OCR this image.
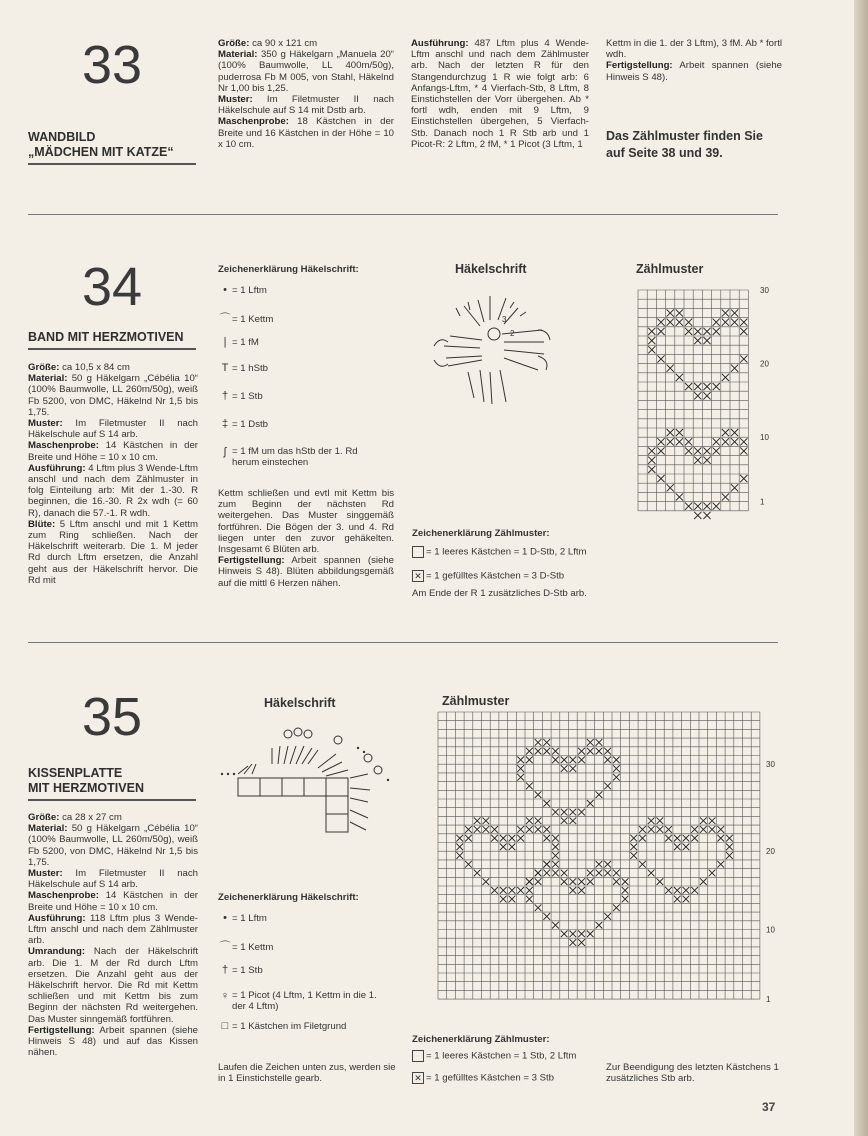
33
WANDBILD
„MÄDCHEN MIT KATZE“

Größe: ca 90 x 121 cm

Material: 350 g Häkelgarn „Manuela 20“ (100% Baumwolle, LL 400m/50g), puderrosa Fb M 005, von Stahl, Häkelnd Nr 1,00 bis 1,25.

Muster: Im Filetmuster II nach Häkelschule auf S 14 mit Dstb arb.

Maschenprobe: 18 Kästchen in der Breite und 16 Kästchen in der Höhe = 10 x 10 cm.

Ausführung: 487 Lftm plus 4 Wende-Lftm anschl und nach dem Zählmuster arb. Nach der letzten R für den Stangendurchzug 1 R wie folgt arb: 6 Anfangs-Lftm, * 4 Vierfach-Stb, 8 Lftm, 8 Einstichstellen der Vorr übergehen. Ab * fortl wdh, enden mit 9 Lftm, 9 Einstichstellen übergehen, 5 Vierfach-Stb. Danach noch 1 R Stb arb und 1 Picot-R: 2 Lftm, 2 fM, * 1 Picot (3 Lftm, 1

Kettm in die 1. der 3 Lftm), 3 fM. Ab * fortl wdh.

Fertigstellung: Arbeit spannen (siehe Hinweis S 48).

Das Zählmuster finden Sie auf Seite 38 und 39.
34
BAND MIT HERZMOTIVEN

Größe: ca 10,5 x 84 cm

Material: 50 g Häkelgarn „Cébélia 10“ (100% Baumwolle, LL 260m/50g), weiß Fb 5200, von DMC, Häkelnd Nr 1,5 bis 1,75.

Muster: Im Filetmuster II nach Häkelschule auf S 14 arb.

Maschenprobe: 14 Kästchen in der Breite und Höhe = 10 x 10 cm.

Ausführung: 4 Lftm plus 3 Wende-Lftm anschl und nach dem Zählmuster in folg Einteilung arb: Mit der 1.-30. R beginnen, die 16.-30. R 2x wdh (= 60 R), danach die 57.-1. R wdh.

Blüte: 5 Lftm anschl und mit 1 Kettm zum Ring schließen. Nach der Häkelschrift weiterarb. Die 1. M jeder Rd durch Lftm ersetzen, die Anzahl geht aus der Häkelschrift hervor. Die Rd mit

Zeichenerklärung Häkelschrift:
• = 1 Lftm
⌒ = 1 Kettm
| = 1 fM
T = 1 hStb
† = 1 Stb
‡ = 1 Dstb
ʃ = 1 fM um das hStb der 1. Rd herum einstechen

Kettm schließen und evtl mit Kettm bis zum Beginn der nächsten Rd weitergehen. Das Muster singgemäß fortführen. Die Bögen der 3. und 4. Rd liegen unter den zuvor gehäkelten. Insgesamt 6 Blüten arb.

Fertigstellung: Arbeit spannen (siehe Hinweis S 48). Blüten abbildungsgemäß auf die mittl 6 Herzen nähen.

Häkelschrift
3
2
Zählmuster
30
20
10
1
Zeichenerklärung Zählmuster:
= 1 leeres Kästchen = 1 D-Stb, 2 Lftm
✕ = 1 gefülltes Kästchen = 3 D-Stb
Am Ende der R 1 zusätzliches D-Stb arb.
35
KISSENPLATTE
MIT HERZMOTIVEN

Größe: ca 28 x 27 cm

Material: 50 g Häkelgarn „Cébélia 10“ (100% Baumwolle, LL 260m/50g), weiß Fb 5200, von DMC, Häkelnd Nr 1,5 bis 1,75.

Muster: Im Filetmuster II nach Häkelschule auf S 14 arb.

Maschenprobe: 14 Kästchen in der Breite und Höhe = 10 x 10 cm.

Ausführung: 118 Lftm plus 3 Wende-Lftm anschl und nach dem Zählmuster arb.

Umrandung: Nach der Häkelschrift arb. Die 1. M der Rd durch Lftm ersetzen. Die Anzahl geht aus der Häkelschrift hervor. Die Rd mit Kettm schließen und mit Kettm bis zum Beginn der nächsten Rd weitergehen. Das Muster sinngemäß fortführen.

Fertigstellung: Arbeit spannen (siehe Hinweis S 48) und auf das Kissen nähen.

Häkelschrift
Zeichenerklärung Häkelschrift:
• = 1 Lftm
⌒ = 1 Kettm
† = 1 Stb
♀ = 1 Picot (4 Lftm, 1 Kettm in die 1. der 4 Lftm)
□ = 1 Kästchen im Filetgrund
Laufen die Zeichen unten zus, werden sie in 1 Einstichstelle gearb.
Zählmuster
30
20
10
1
Zeichenerklärung Zählmuster:
= 1 leeres Kästchen = 1 Stb, 2 Lftm
✕ = 1 gefülltes Kästchen = 3 Stb
Zur Beendigung des letzten Kästchens 1 zusätzliches Stb arb.
37
